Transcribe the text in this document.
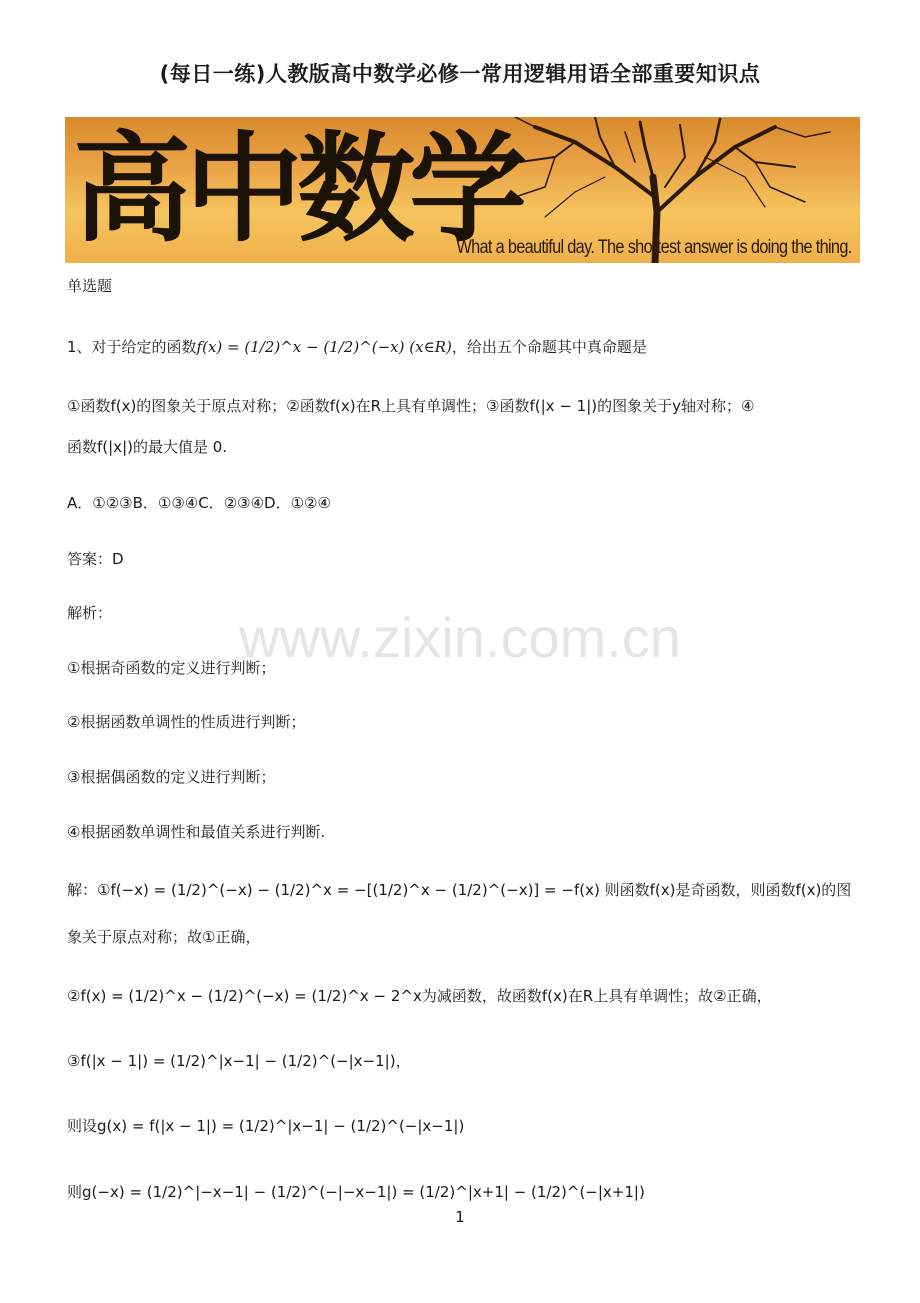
(每日一练)人教版高中数学必修一常用逻辑用语全部重要知识点
高中数学
What a beautiful day. The shortest answer is doing the thing.
单选题
1、对于给定的函数f(x) = (1/2)^x − (1/2)^(−x) (x∈R)，给出五个命题其中真命题是
①函数f(x)的图象关于原点对称；②函数f(x)在R上具有单调性；③函数f(|x − 1|)的图象关于y轴对称；④
函数f(|x|)的最大值是 0.
A．①②③B．①③④C．②③④D．①②④
答案：D
解析：
①根据奇函数的定义进行判断；
②根据函数单调性的性质进行判断；
③根据偶函数的定义进行判断；
④根据函数单调性和最值关系进行判断.
解：①f(−x) = (1/2)^(−x) − (1/2)^x = −[(1/2)^x − (1/2)^(−x)] = −f(x) 则函数f(x)是奇函数，则函数f(x)的图
象关于原点对称；故①正确，
②f(x) = (1/2)^x − (1/2)^(−x) = (1/2)^x − 2^x为减函数，故函数f(x)在R上具有单调性；故②正确，
③f(|x − 1|) = (1/2)^|x−1| − (1/2)^(−|x−1|)，
则设g(x) = f(|x − 1|) = (1/2)^|x−1| − (1/2)^(−|x−1|)
则g(−x) = (1/2)^|−x−1| − (1/2)^(−|−x−1|) = (1/2)^|x+1| − (1/2)^(−|x+1|)
www.zixin.com.cn
1
